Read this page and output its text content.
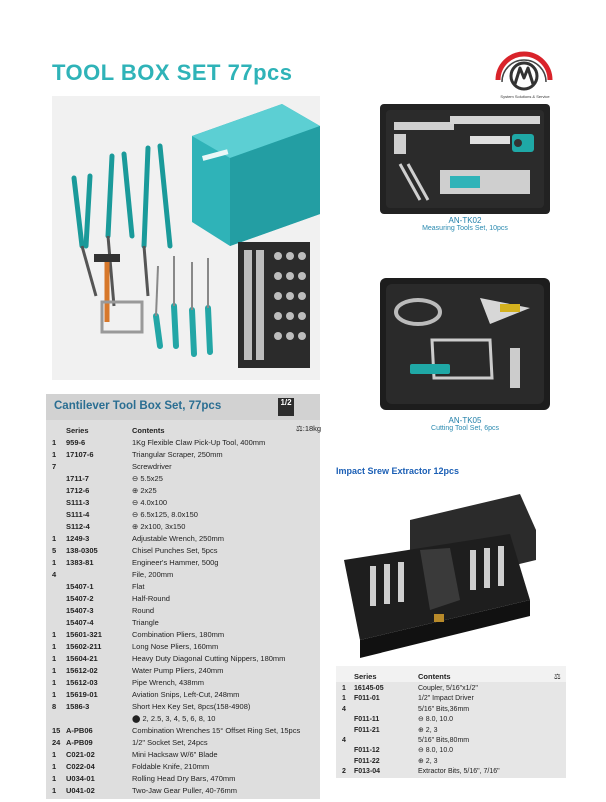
TOOL BOX SET 77pcs
System Solutions & Service
AN-TK02
Measuring Tools Set, 10pcs
AN-TK05
Cutting Tool Set, 6pcs
Impact Srew Extractor 12pcs
Cantilever Tool Box Set, 77pcs	1/2
⚖:18kg
Series	Contents
1 959-6	1Kg Flexible Claw Pick-Up Tool, 400mm
1 17107-6	Triangular Scraper, 250mm
7	Screwdriver
1711-7	⊖ 5.5x25
1712-6	⊕ 2x25
S111-3	⊖ 4.0x100
S111-4	⊖ 6.5x125, 8.0x150
S112-4	⊕ 2x100, 3x150
1 1249-3	Adjustable Wrench, 250mm
5 138-0305	Chisel Punches Set, 5pcs
1 1383-81	Engineer's Hammer, 500g
4	File, 200mm
15407-1	Flat
15407-2	Half-Round
15407-3	Round
15407-4	Triangle
1 15601-321	Combination Pliers, 180mm
1 15602-211	Long Nose Pliers, 160mm
1 15604-21	Heavy Duty Diagonal Cutting Nippers, 180mm
1 15612-02	Water Pump Pliers, 240mm
1 15612-03	Pipe Wrench, 438mm
1 15619-01	Aviation Snips, Left-Cut, 248mm
8 1586-3	Short Hex Key Set, 8pcs(158-4908)
⬤ 2, 2.5, 3, 4, 5, 6, 8, 10
15 A-PB06	Combination Wrenches 15° Offset Ring Set, 15pcs
24 A-PB09	1/2" Socket Set, 24pcs
1 C021-02	Mini Hacksaw W/6" Blade
1 C022-04	Foldable Knife, 210mm
1 U034-01	Rolling Head Dry Bars, 470mm
1 U041-02	Two-Jaw Gear Puller, 40-76mm
Series	Contents	⚖
1 16145-05	Coupler, 5/16"x1/2"
1 F011-01	1/2" Impact Driver
4	5/16" Bits,36mm
F011-11	⊖ 8.0, 10.0
F011-21	⊕ 2, 3
4	5/16" Bits,80mm
F011-12	⊖ 8.0, 10.0
F011-22	⊕ 2, 3
2 F013-04	Extractor Bits, 5/16", 7/16"
